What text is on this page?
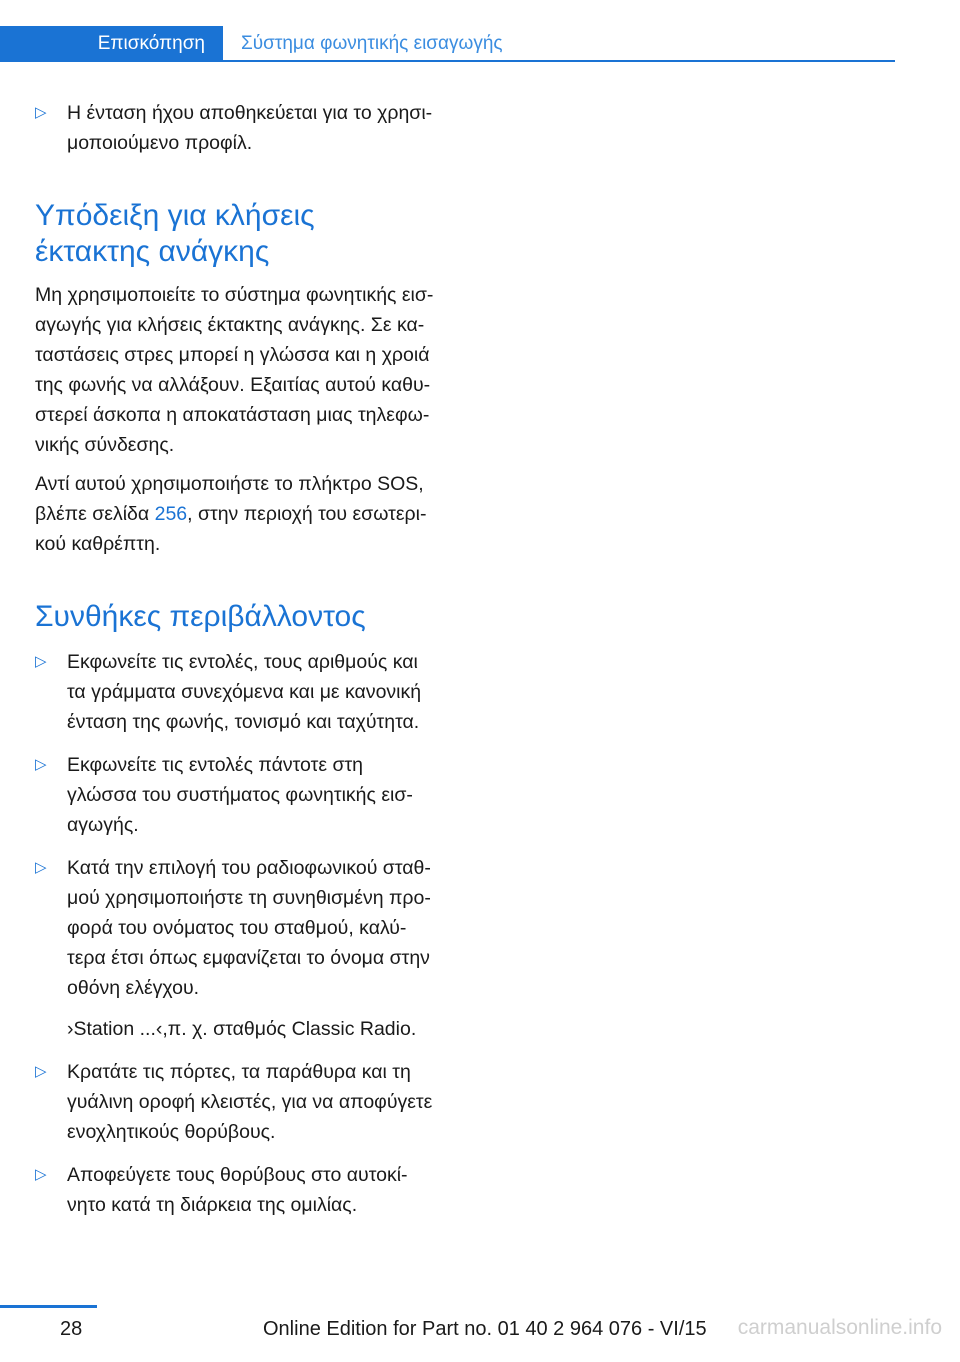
Επισκόπηση	Σύστημα φωνητικής εισαγωγής
▷ Η ένταση ήχου αποθηκεύεται για το χρησι-

μοποιούμενο προφίλ.

Υπόδειξη για κλήσεις
έκτακτης ανάγκης
Μη χρησιμοποιείτε το σύστημα φωνητικής εισ-
αγωγής για κλήσεις έκτακτης ανάγκης. Σε κα-
ταστάσεις στρες μπορεί η γλώσσα και η χροιά
της φωνής να αλλάξουν. Εξαιτίας αυτού καθυ-
στερεί άσκοπα η αποκατάσταση μιας τηλεφω-
νικής σύνδεσης.
Αντί αυτού χρησιμοποιήστε το πλήκτρο SOS,
βλέπε σελίδα 256, στην περιοχή του εσωτερι-
κού καθρέπτη.
Συνθήκες περιβάλλοντος
▷ Εκφωνείτε τις εντολές, τους αριθμούς και

τα γράμματα συνεχόμενα και με κανονική

ένταση της φωνής, τονισμό και ταχύτητα.

▷ Εκφωνείτε τις εντολές πάντοτε στη

γλώσσα του συστήματος φωνητικής εισ-

αγωγής.

▷ Κατά την επιλογή του ραδιοφωνικού σταθ-

μού χρησιμοποιήστε τη συνηθισμένη προ-

φορά του ονόματος του σταθμού, καλύ-

τερα έτσι όπως εμφανίζεται το όνομα στην

οθόνη ελέγχου.

›Station ...‹,π. χ. σταθμός Classic Radio.

▷ Κρατάτε τις πόρτες, τα παράθυρα και τη

γυάλινη οροφή κλειστές, για να αποφύγετε

ενοχλητικούς θορύβους.

▷ Αποφεύγετε τους θορύβους στο αυτοκί-

νητο κατά τη διάρκεια της ομιλίας.

28	Online Edition for Part no. 01 40 2 964 076 - VI/15 carmanualsonline.info
